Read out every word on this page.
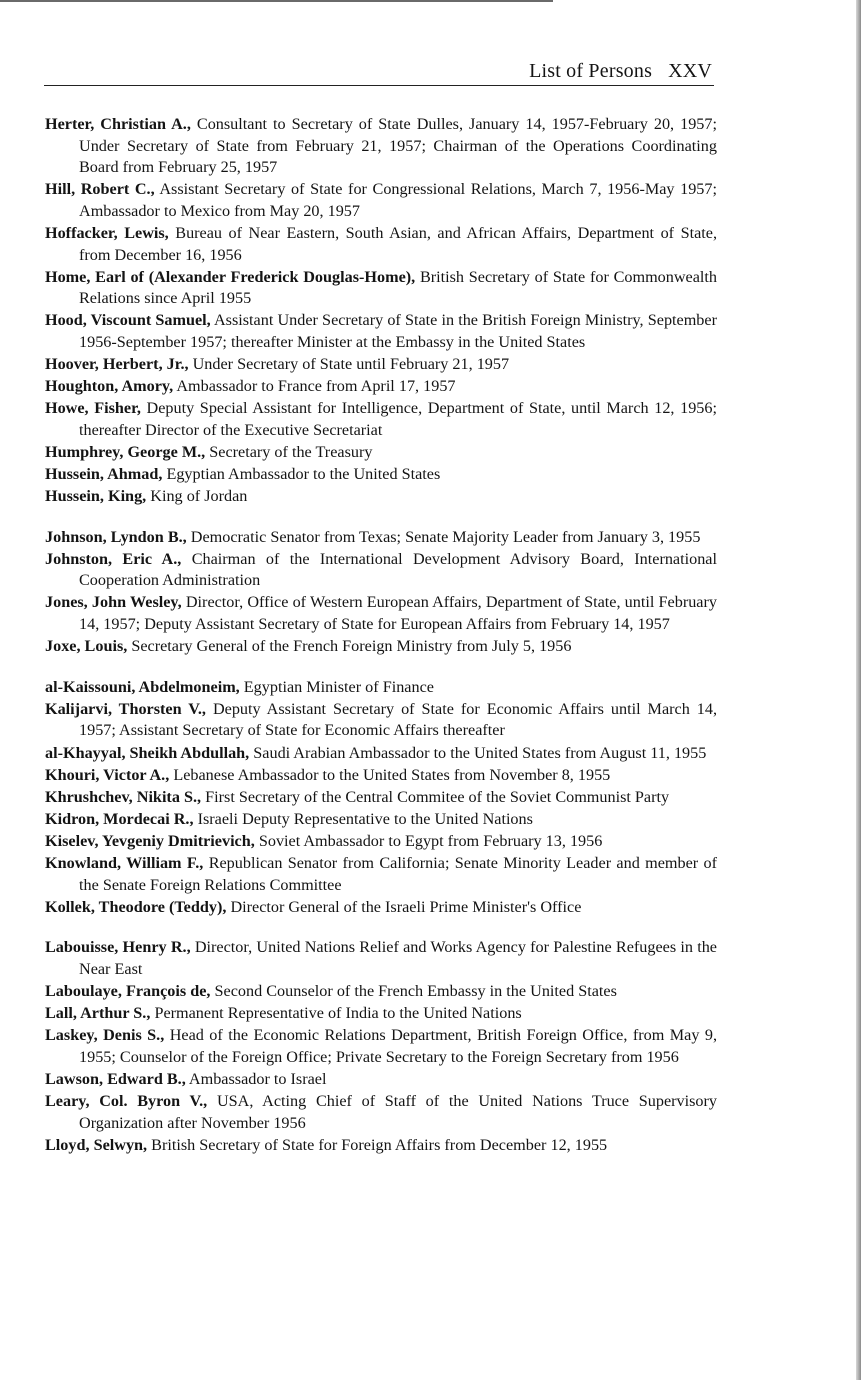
List of Persons XXV
Herter, Christian A., Consultant to Secretary of State Dulles, January 14, 1957-February 20, 1957; Under Secretary of State from February 21, 1957; Chairman of the Operations Coordinating Board from February 25, 1957
Hill, Robert C., Assistant Secretary of State for Congressional Relations, March 7, 1956-May 1957; Ambassador to Mexico from May 20, 1957
Hoffacker, Lewis, Bureau of Near Eastern, South Asian, and African Affairs, Department of State, from December 16, 1956
Home, Earl of (Alexander Frederick Douglas-Home), British Secretary of State for Commonwealth Relations since April 1955
Hood, Viscount Samuel, Assistant Under Secretary of State in the British Foreign Ministry, September 1956-September 1957; thereafter Minister at the Embassy in the United States
Hoover, Herbert, Jr., Under Secretary of State until February 21, 1957
Houghton, Amory, Ambassador to France from April 17, 1957
Howe, Fisher, Deputy Special Assistant for Intelligence, Department of State, until March 12, 1956; thereafter Director of the Executive Secretariat
Humphrey, George M., Secretary of the Treasury
Hussein, Ahmad, Egyptian Ambassador to the United States
Hussein, King, King of Jordan
Johnson, Lyndon B., Democratic Senator from Texas; Senate Majority Leader from January 3, 1955
Johnston, Eric A., Chairman of the International Development Advisory Board, International Cooperation Administration
Jones, John Wesley, Director, Office of Western European Affairs, Department of State, until February 14, 1957; Deputy Assistant Secretary of State for European Affairs from February 14, 1957
Joxe, Louis, Secretary General of the French Foreign Ministry from July 5, 1956
al-Kaissouni, Abdelmoneim, Egyptian Minister of Finance
Kalijarvi, Thorsten V., Deputy Assistant Secretary of State for Economic Affairs until March 14, 1957; Assistant Secretary of State for Economic Affairs thereafter
al-Khayyal, Sheikh Abdullah, Saudi Arabian Ambassador to the United States from August 11, 1955
Khouri, Victor A., Lebanese Ambassador to the United States from November 8, 1955
Khrushchev, Nikita S., First Secretary of the Central Commitee of the Soviet Communist Party
Kidron, Mordecai R., Israeli Deputy Representative to the United Nations
Kiselev, Yevgeniy Dmitrievich, Soviet Ambassador to Egypt from February 13, 1956
Knowland, William F., Republican Senator from California; Senate Minority Leader and member of the Senate Foreign Relations Committee
Kollek, Theodore (Teddy), Director General of the Israeli Prime Minister's Office
Labouisse, Henry R., Director, United Nations Relief and Works Agency for Palestine Refugees in the Near East
Laboulaye, François de, Second Counselor of the French Embassy in the United States
Lall, Arthur S., Permanent Representative of India to the United Nations
Laskey, Denis S., Head of the Economic Relations Department, British Foreign Office, from May 9, 1955; Counselor of the Foreign Office; Private Secretary to the Foreign Secretary from 1956
Lawson, Edward B., Ambassador to Israel
Leary, Col. Byron V., USA, Acting Chief of Staff of the United Nations Truce Supervisory Organization after November 1956
Lloyd, Selwyn, British Secretary of State for Foreign Affairs from December 12, 1955
